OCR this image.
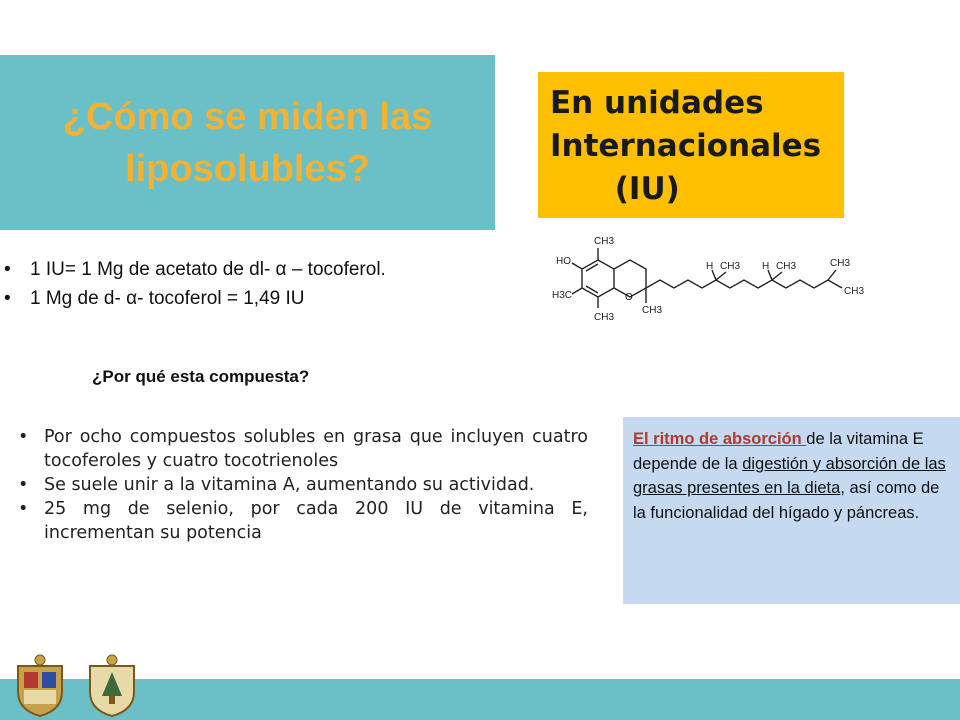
¿Cómo se miden las liposolubles?
En unidades
Internacionales
(IU)
HO
CH3
H3C
CH3
O
CH3
H CH3 H CH3	CH3
CH3
• 1 IU= 1 Mg de acetato de dl- α – tocoferol.
• 1 Mg de d- α- tocoferol = 1,49 IU
¿Por qué esta compuesta?
• Por ocho compuestos solubles en grasa que incluyen cuatro tocoferoles y cuatro tocotrienoles
• Se suele unir a la vitamina A, aumentando su actividad.
• 25 mg de selenio, por cada 200 IU de vitamina E, incrementan su potencia
El ritmo de absorción de la vitamina E depende de la digestión y absorción de las grasas presentes en la dieta, así como de la funcionalidad del hígado y páncreas.
